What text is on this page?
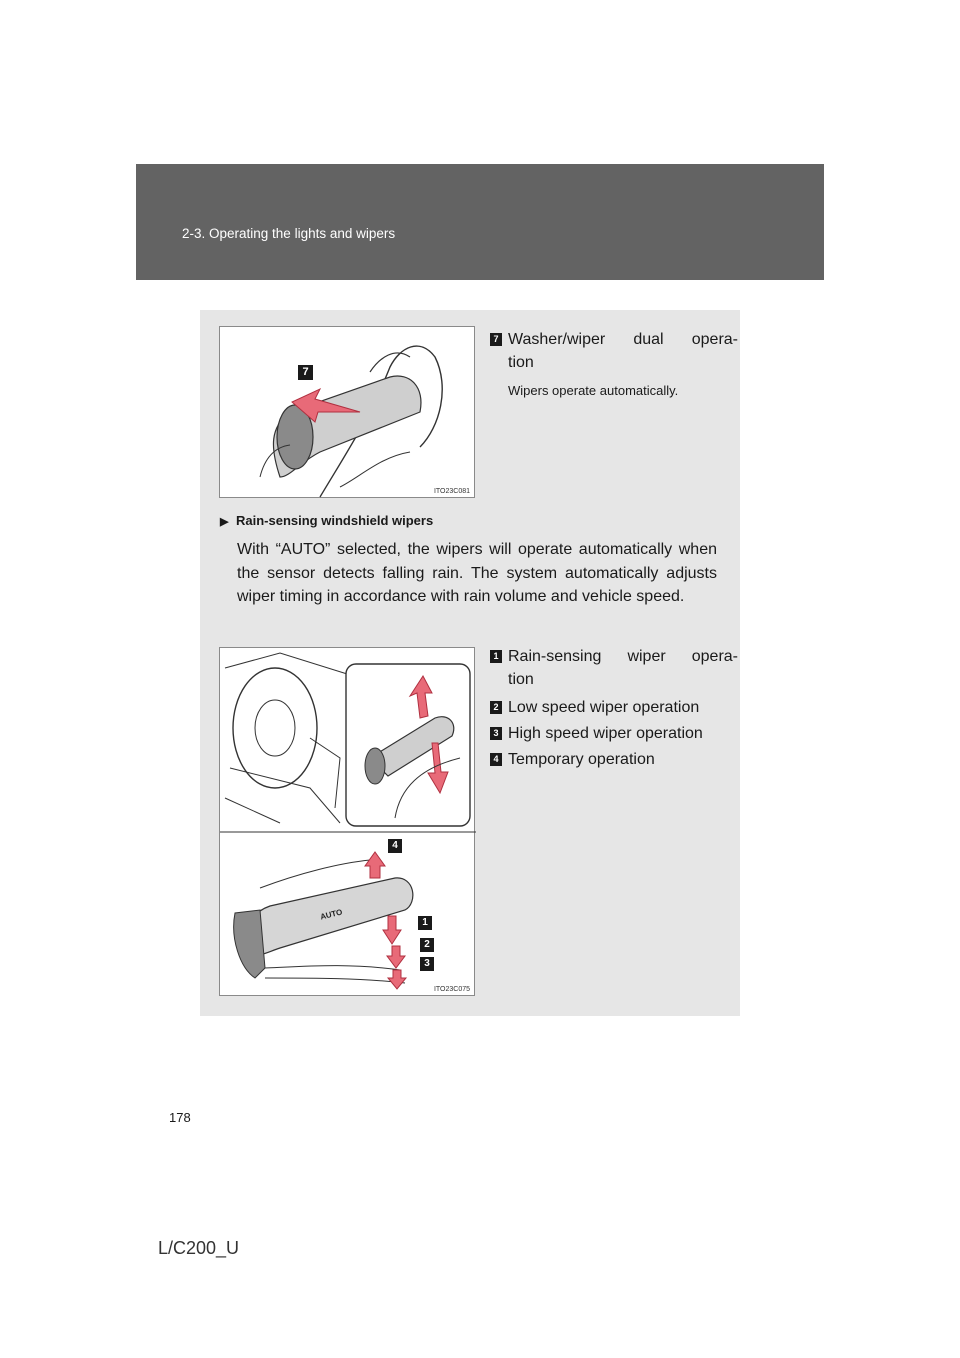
2-3. Operating the lights and wipers
7
ITO23C081
7 Washer/wiper dual opera-
tion
Wipers operate automatically.
▶ Rain-sensing windshield wipers
With “AUTO” selected, the wipers will operate automatically when the sensor detects falling rain. The system automatically adjusts wiper timing in accordance with rain volume and vehicle speed.
AUTO
4
1
2
3
ITO23C075
1 Rain-sensing wiper opera-
tion
2 Low speed wiper operation
3 High speed wiper operation
4 Temporary operation
178
L/C200_U
